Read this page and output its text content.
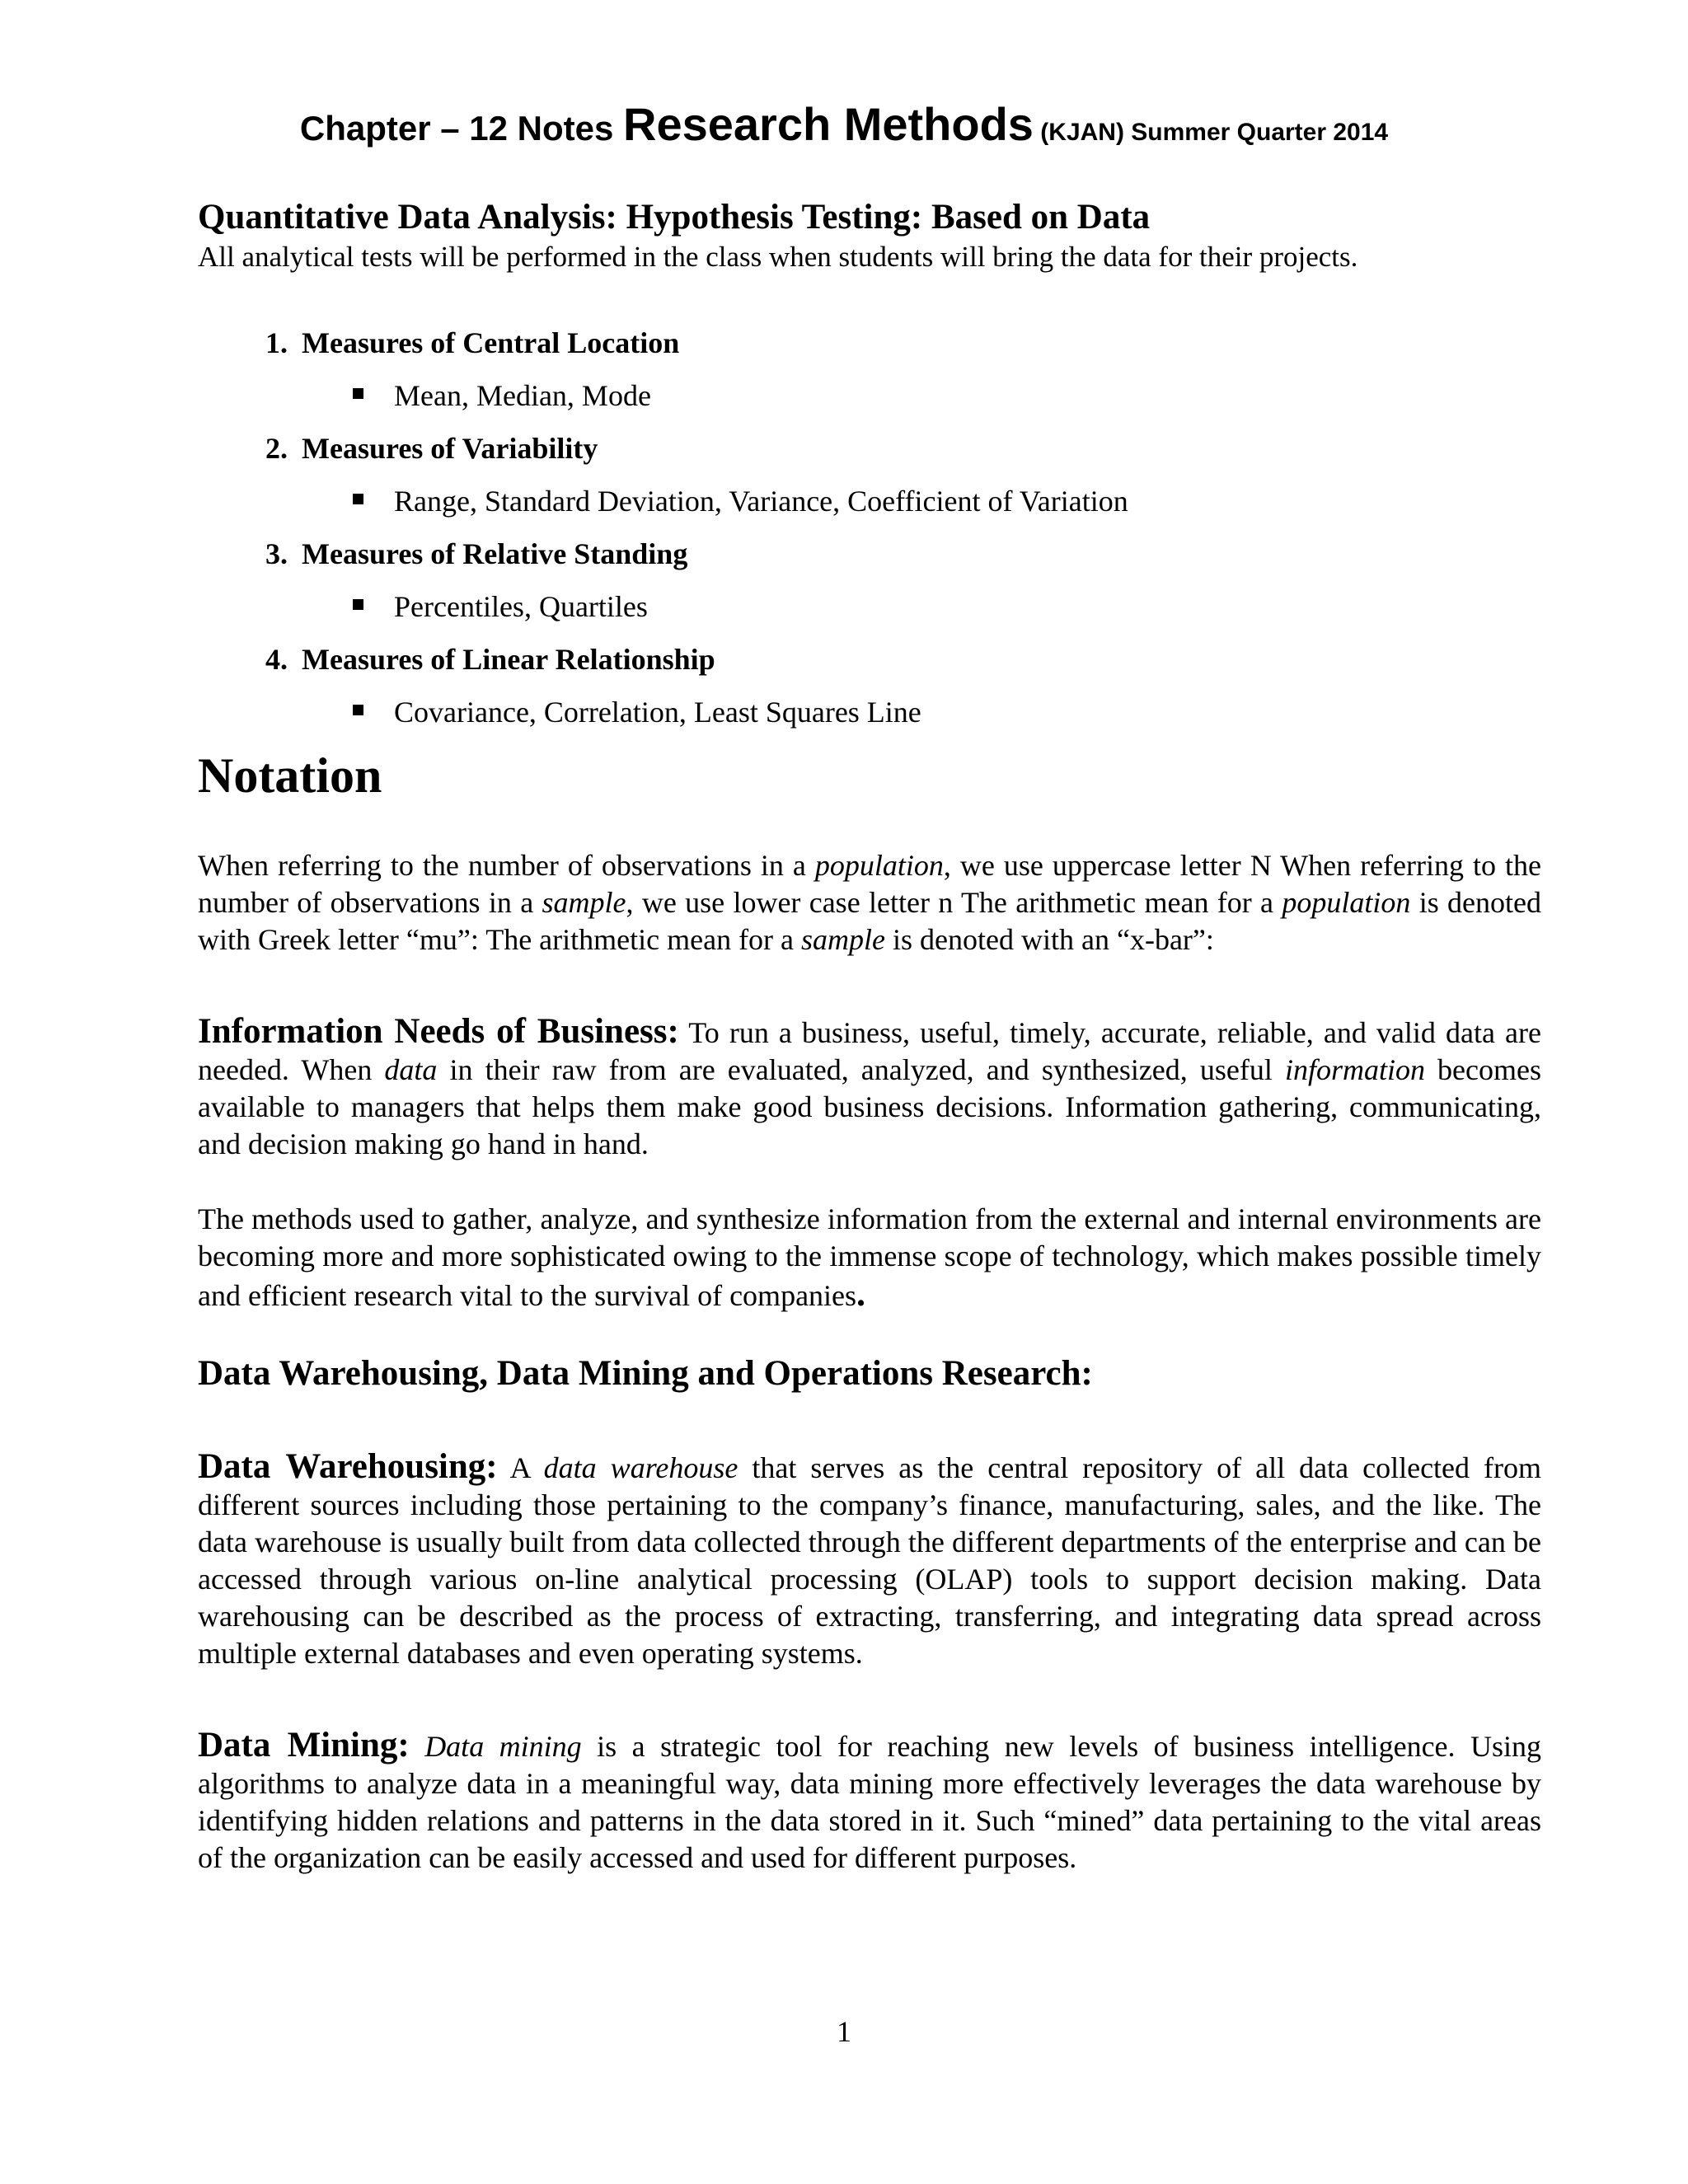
Chapter – 12 Notes Research Methods (KJAN) Summer Quarter 2014
Quantitative Data Analysis: Hypothesis Testing: Based on Data

All analytical tests will be performed in the class when students will bring the data for their projects.

1. Measures of Central Location
Mean, Median, Mode
2. Measures of Variability
Range, Standard Deviation, Variance, Coefficient of Variation
3. Measures of Relative Standing
Percentiles, Quartiles
4. Measures of Linear Relationship
Covariance, Correlation, Least Squares Line
Notation

When referring to the number of observations in a population, we use uppercase letter N When referring to the number of observations in a sample, we use lower case letter n The arithmetic mean for a population is denoted with Greek letter “mu”: The arithmetic mean for a sample is denoted with an “x-bar”:

Information Needs of Business: To run a business, useful, timely, accurate, reliable, and valid data are needed. When data in their raw from are evaluated, analyzed, and synthesized, useful information becomes available to managers that helps them make good business decisions. Information gathering, communicating, and decision making go hand in hand.

The methods used to gather, analyze, and synthesize information from the external and internal environments are becoming more and more sophisticated owing to the immense scope of technology, which makes possible timely and efficient research vital to the survival of companies.

Data Warehousing, Data Mining and Operations Research:

Data Warehousing: A data warehouse that serves as the central repository of all data collected from different sources including those pertaining to the company’s finance, manufacturing, sales, and the like. The data warehouse is usually built from data collected through the different departments of the enterprise and can be accessed through various on-line analytical processing (OLAP) tools to support decision making. Data warehousing can be described as the process of extracting, transferring, and integrating data spread across multiple external databases and even operating systems.

Data Mining: Data mining is a strategic tool for reaching new levels of business intelligence. Using algorithms to analyze data in a meaningful way, data mining more effectively leverages the data warehouse by identifying hidden relations and patterns in the data stored in it. Such “mined” data pertaining to the vital areas of the organization can be easily accessed and used for different purposes.

1
